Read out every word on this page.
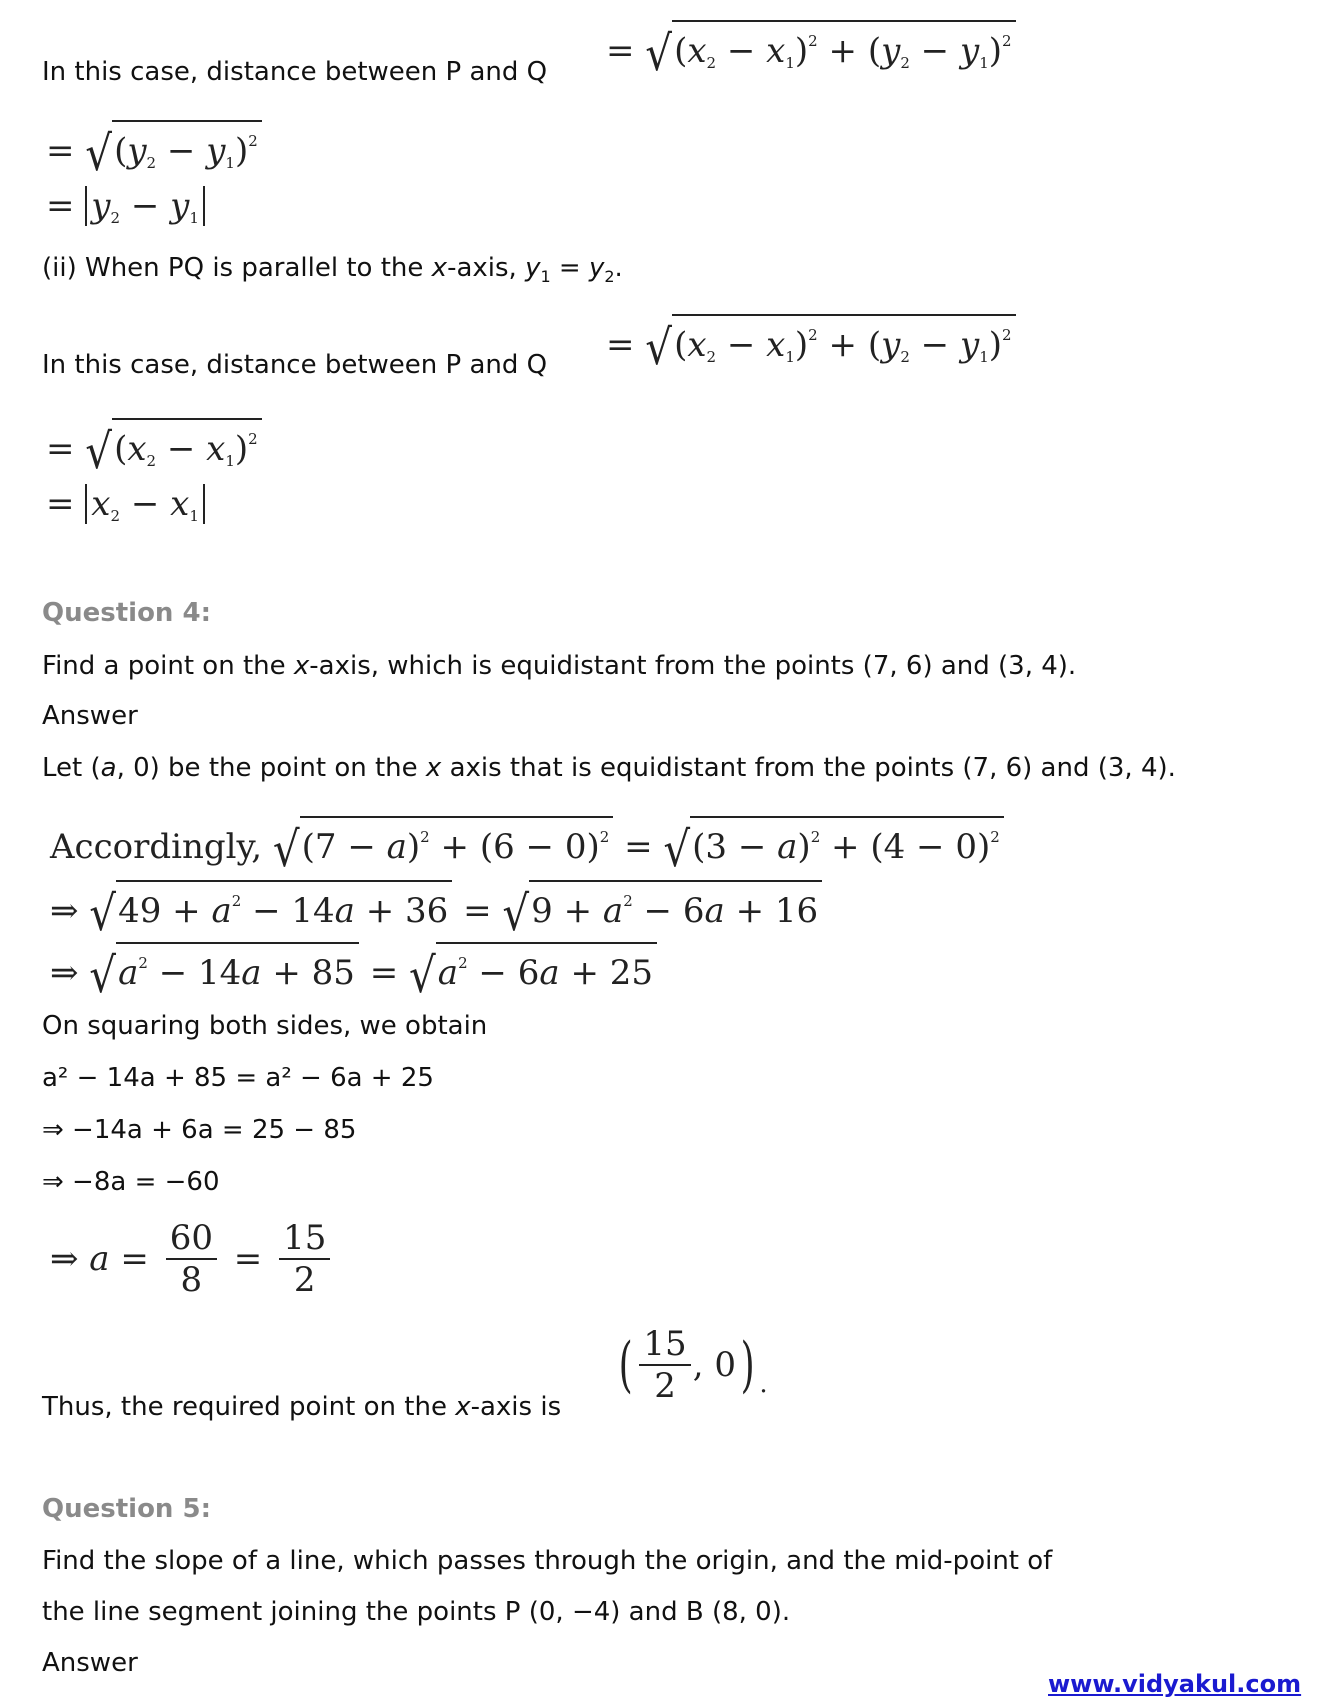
In this case, distance between P and Q
= $√(x_2 - x_1)^2 + (y_2 - y_1)^2$
= $√(y_2 - y_1)^2$
= $y_2 - y_1$
(ii) When PQ is parallel to the x-axis, $y_1 = y_2$.
In this case, distance between P and $Q = √(x_2 - x_1)^2 + (y_2 - y_1)^2$
= $√(x_2 - x_1)^2$
= $x_2 - x_1$
Question 4:
Find a point on the x-axis, which is equidistant from the points (7, 6) and (3, 4).
Answer
Let (a, 0) be the point on the x axis that is equidistant from the points (7, 6) and (3, 4).
Accordingly, $√(7 - a)^2 + (6 - 0)^2 = √(3 - a)^2 + (4 - 0)^2$
⇒ $√49 + a^2 - 14a + 36 = √9 + a^2 - 6a + 16$
⇒ $√a^2 - 14a + 85 = √a^2 - 6a + 25$
On squaring both sides, we obtain
a² − 14a + 85 = a² − 6a + 25
⇒ −14a + 6a = 25 − 85
⇒ −8a = −60
⇒ $a = \frac{60}{8} = \frac{15}{2}$
Thus, the required point on the x-axis is
( $\frac{15}{2}$ , 0) $_.$
Question 5:
Find the slope of a line, which passes through the origin, and the mid-point of
the line segment joining the points P (0, −4) and B (8, 0).
Answer
www.vidyakul.com
